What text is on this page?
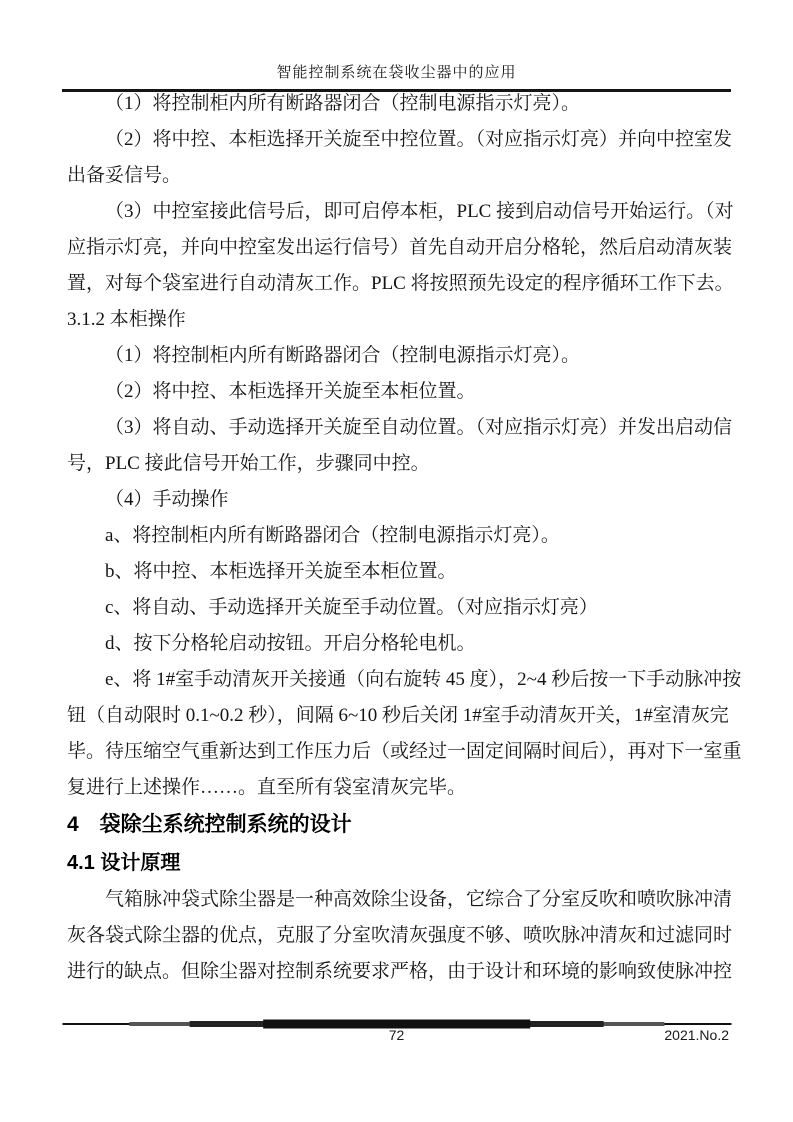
智能控制系统在袋收尘器中的应用
（1）将控制柜内所有断路器闭合（控制电源指示灯亮）。
（2）将中控、本柜选择开关旋至中控位置。（对应指示灯亮）并向中控室发
出备妥信号。
（3）中控室接此信号后，即可启停本柜，PLC 接到启动信号开始运行。（对
应指示灯亮，并向中控室发出运行信号）首先自动开启分格轮，然后启动清灰装
置，对每个袋室进行自动清灰工作。PLC 将按照预先设定的程序循环工作下去。
3.1.2 本柜操作
（1）将控制柜内所有断路器闭合（控制电源指示灯亮）。
（2）将中控、本柜选择开关旋至本柜位置。
（3）将自动、手动选择开关旋至自动位置。（对应指示灯亮）并发出启动信
号，PLC 接此信号开始工作，步骤同中控。
（4）手动操作
a、将控制柜内所有断路器闭合（控制电源指示灯亮）。
b、将中控、本柜选择开关旋至本柜位置。
c、将自动、手动选择开关旋至手动位置。（对应指示灯亮）
d、按下分格轮启动按钮。开启分格轮电机。
e、将 1#室手动清灰开关接通（向右旋转 45 度），2~4 秒后按一下手动脉冲按
钮（自动限时 0.1~0.2 秒），间隔 6~10 秒后关闭 1#室手动清灰开关，1#室清灰完
毕。待压缩空气重新达到工作压力后（或经过一固定间隔时间后），再对下一室重
复进行上述操作……。直至所有袋室清灰完毕。
4　袋除尘系统控制系统的设计
4.1 设计原理
气箱脉冲袋式除尘器是一种高效除尘设备，它综合了分室反吹和喷吹脉冲清
灰各袋式除尘器的优点，克服了分室吹清灰强度不够、喷吹脉冲清灰和过滤同时
进行的缺点。但除尘器对控制系统要求严格，由于设计和环境的影响致使脉冲控
72	2021.No.2
